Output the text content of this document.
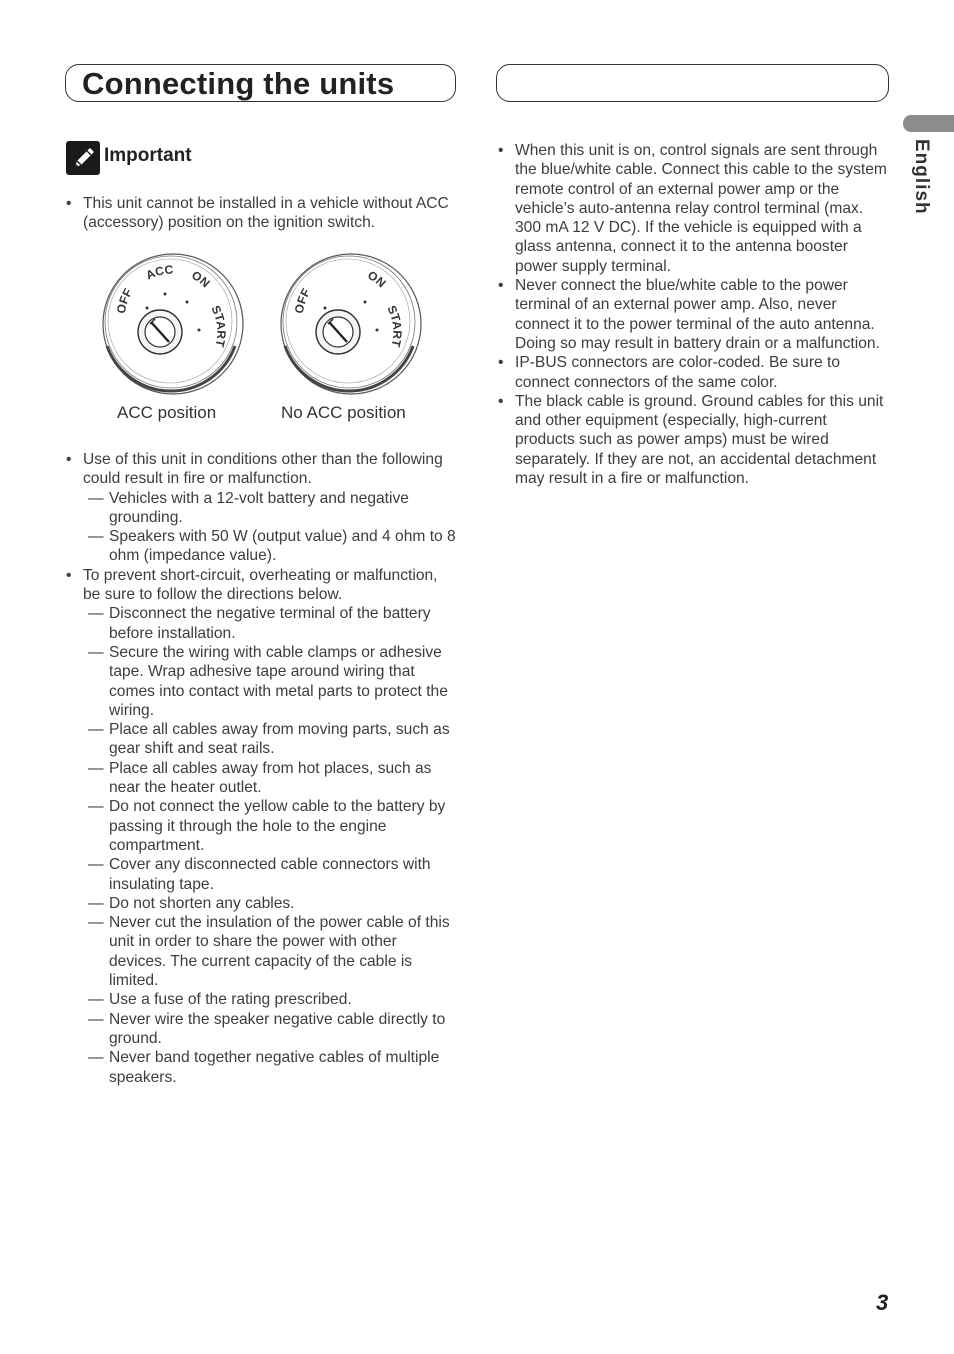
Connecting the units
English
Important
• This unit cannot be installed in a vehicle without ACC (accessory) position on the ignition switch.
OFF
ACC ON
START
OFF
ON
START
ACC position	No ACC position
• Use of this unit in conditions other than the following could result in fire or malfunction.
— Vehicles with a 12-volt battery and negative grounding.
— Speakers with 50 W (output value) and 4 ohm to 8 ohm (impedance value).
• To prevent short-circuit, overheating or malfunction, be sure to follow the directions below.
— Disconnect the negative terminal of the battery before installation.
— Secure the wiring with cable clamps or adhesive tape. Wrap adhesive tape around wiring that comes into contact with metal parts to protect the wiring.
— Place all cables away from moving parts, such as gear shift and seat rails.
— Place all cables away from hot places, such as near the heater outlet.
— Do not connect the yellow cable to the battery by passing it through the hole to the engine compartment.
— Cover any disconnected cable connectors with insulating tape.
— Do not shorten any cables.
— Never cut the insulation of the power cable of this unit in order to share the power with other devices. The current capacity of the cable is limited.
— Use a fuse of the rating prescribed.
— Never wire the speaker negative cable directly to ground.
— Never band together negative cables of multiple speakers.
• When this unit is on, control signals are sent through the blue/white cable. Connect this cable to the system remote control of an external power amp or the vehicle’s auto-antenna relay control terminal (max. 300 mA 12 V DC). If the vehicle is equipped with a glass antenna, connect it to the antenna booster power supply terminal.
• Never connect the blue/white cable to the power terminal of an external power amp. Also, never connect it to the power terminal of the auto antenna. Doing so may result in battery drain or a malfunction.
• IP-BUS connectors are color-coded. Be sure to connect connectors of the same color.
• The black cable is ground. Ground cables for this unit and other equipment (especially, high-current products such as power amps) must be wired separately. If they are not, an accidental detachment may result in a fire or malfunction.
3
